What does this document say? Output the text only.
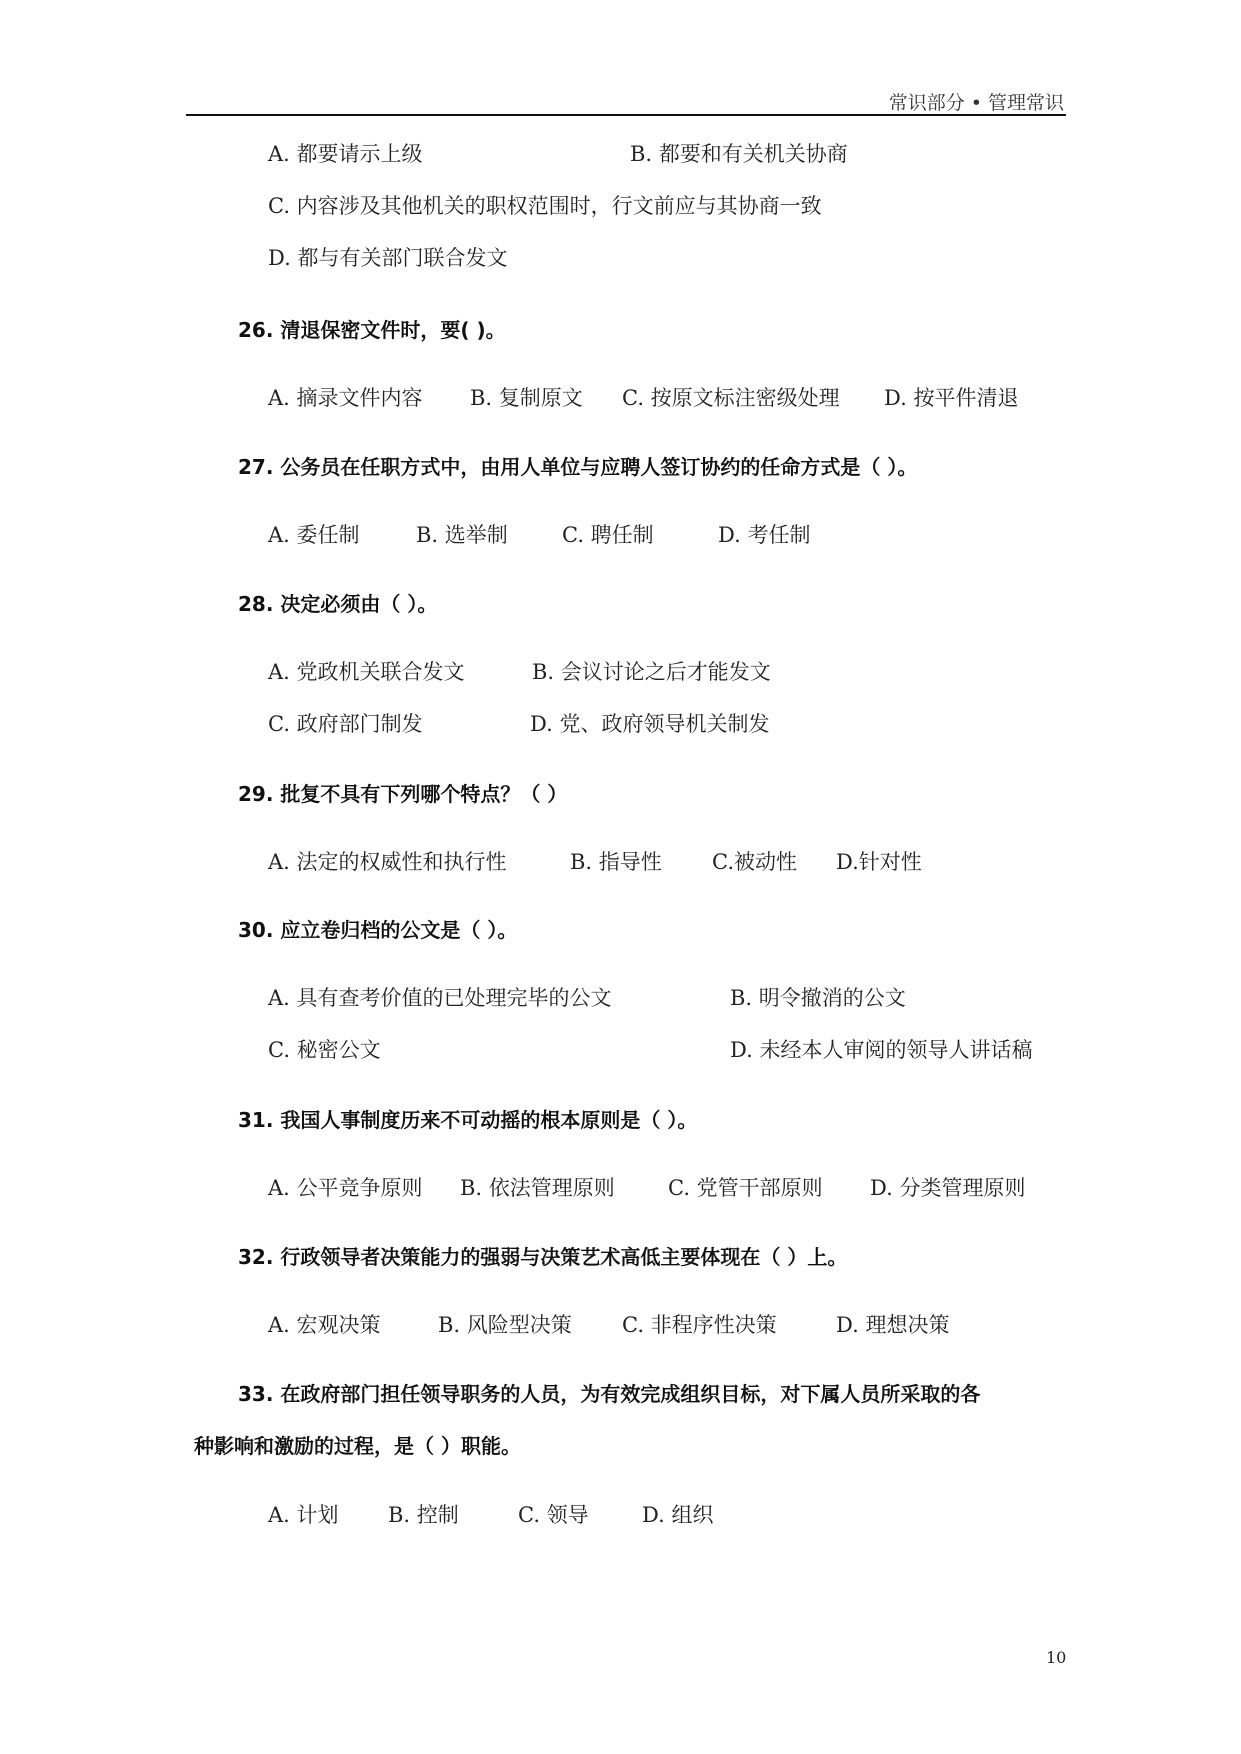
常识部分 • 管理常识
A. 都要请示上级	B. 都要和有关机关协商
C. 内容涉及其他机关的职权范围时，行文前应与其协商一致
D. 都与有关部门联合发文
26. 清退保密文件时，要( )。
A. 摘录文件内容 B. 复制原文 C. 按原文标注密级处理 D. 按平件清退
27. 公务员在任职方式中，由用人单位与应聘人签订协约的任命方式是（ ）。
A. 委任制	B. 选举制	C. 聘任制	D. 考任制
28. 决定必须由（ ）。
A. 党政机关联合发文	B. 会议讨论之后才能发文
C. 政府部门制发	D. 党、政府领导机关制发
29. 批复不具有下列哪个特点？（ ）
A. 法定的权威性和执行性	B. 指导性 C.被动性 D.针对性
30. 应立卷归档的公文是（ ）。
A. 具有查考价值的已处理完毕的公文	B. 明令撤消的公文
C. 秘密公文	D. 未经本人审阅的领导人讲话稿
31. 我国人事制度历来不可动摇的根本原则是（ ）。
A. 公平竞争原则 B. 依法管理原则	C. 党管干部原则 D. 分类管理原则
32. 行政领导者决策能力的强弱与决策艺术高低主要体现在（ ）上。
A. 宏观决策	B. 风险型决策 C. 非程序性决策	D. 理想决策
33. 在政府部门担任领导职务的人员，为有效完成组织目标，对下属人员所采取的各
种影响和激励的过程，是（ ）职能。
A. 计划 B. 控制	C. 领导	D. 组织
10
